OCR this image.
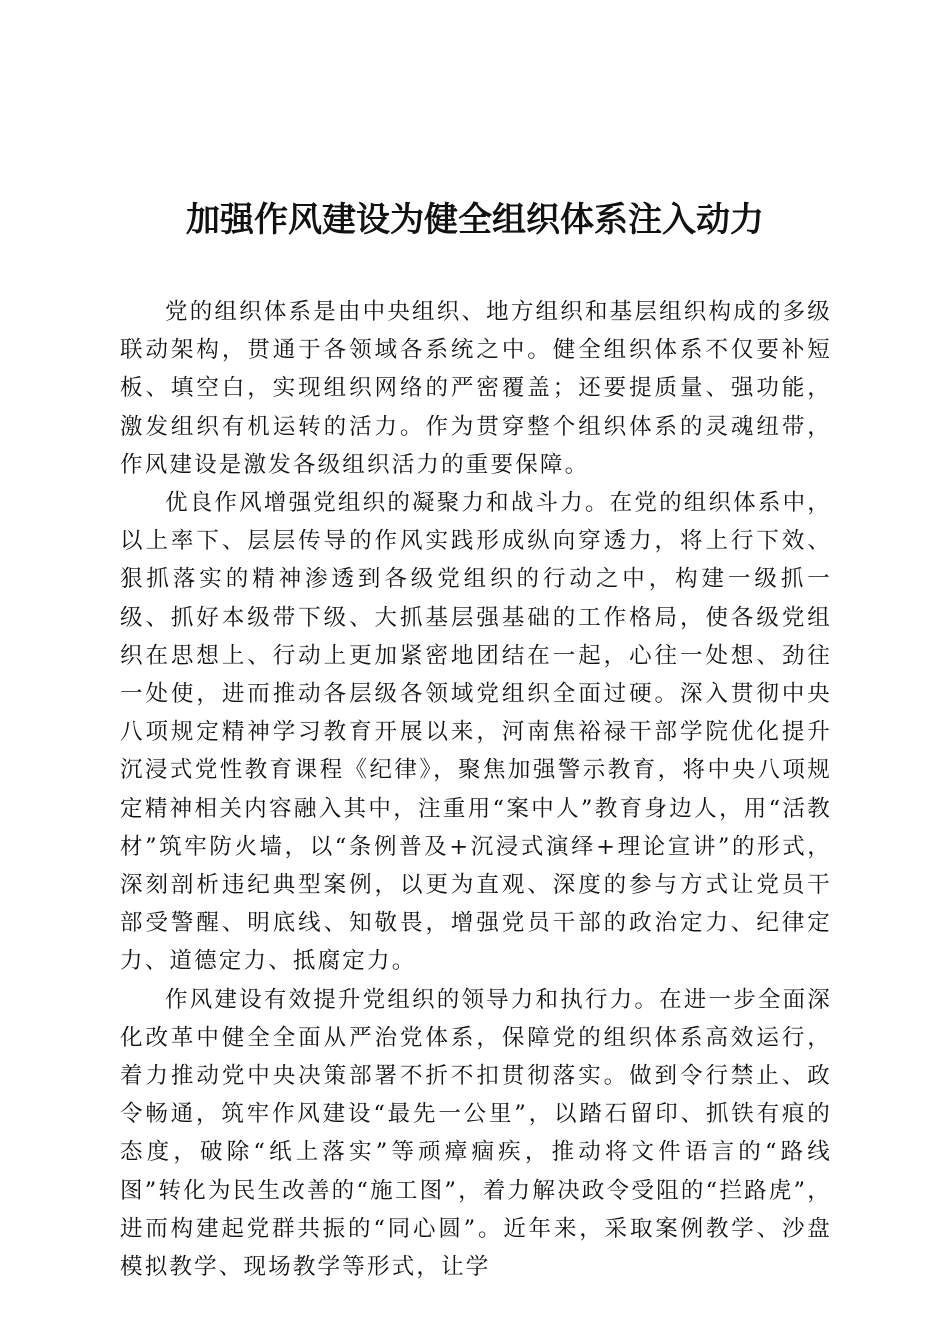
加强作风建设为健全组织体系注入动力

党的组织体系是由中央组织、地方组织和基层组织构成的多级联动架构，贯通于各领域各系统之中。健全组织体系不仅要补短板、填空白，实现组织网络的严密覆盖；还要提质量、强功能，激发组织有机运转的活力。作为贯穿整个组织体系的灵魂纽带，作风建设是激发各级组织活力的重要保障。

优良作风增强党组织的凝聚力和战斗力。在党的组织体系中，以上率下、层层传导的作风实践形成纵向穿透力，将上行下效、狠抓落实的精神渗透到各级党组织的行动之中，构建一级抓一级、抓好本级带下级、大抓基层强基础的工作格局，使各级党组织在思想上、行动上更加紧密地团结在一起，心往一处想、劲往一处使，进而推动各层级各领域党组织全面过硬。深入贯彻中央八项规定精神学习教育开展以来，河南焦裕禄干部学院优化提升沉浸式党性教育课程《纪律》，聚焦加强警示教育，将中央八项规定精神相关内容融入其中，注重用“案中人”教育身边人，用“活教材”筑牢防火墙，以“条例普及+沉浸式演绎+理论宣讲”的形式，深刻剖析违纪典型案例，以更为直观、深度的参与方式让党员干部受警醒、明底线、知敬畏，增强党员干部的政治定力、纪律定力、道德定力、抵腐定力。

作风建设有效提升党组织的领导力和执行力。在进一步全面深化改革中健全全面从严治党体系，保障党的组织体系高效运行，着力推动党中央决策部署不折不扣贯彻落实。做到令行禁止、政令畅通，筑牢作风建设“最先一公里”，以踏石留印、抓铁有痕的态度，破除“纸上落实”等顽瘴痼疾，推动将文件语言的“路线图”转化为民生改善的“施工图”，着力解决政令受阻的“拦路虎”，进而构建起党群共振的“同心圆”。近年来，采取案例教学、沙盘模拟教学、现场教学等形式，让学
